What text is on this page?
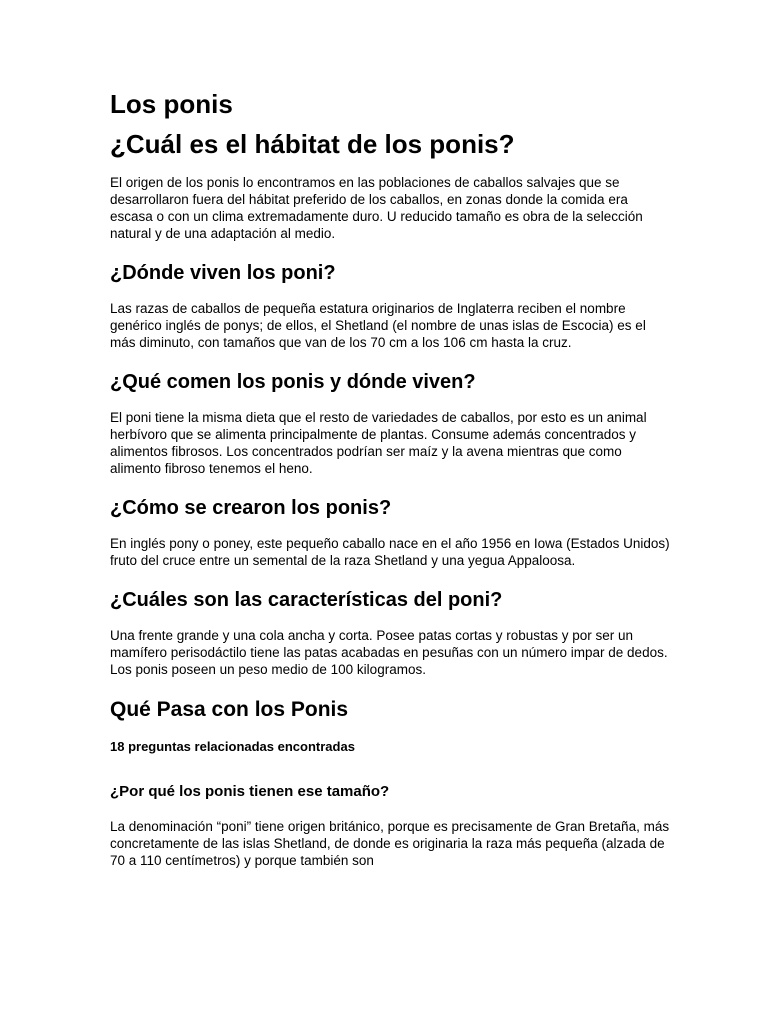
Los ponis
¿Cuál es el hábitat de los ponis?

El origen de los ponis lo encontramos en las poblaciones de caballos salvajes que se desarrollaron fuera del hábitat preferido de los caballos, en zonas donde la comida era escasa o con un clima extremadamente duro. U reducido tamaño es obra de la selección natural y de una adaptación al medio.

¿Dónde viven los poni?

Las razas de caballos de pequeña estatura originarios de Inglaterra reciben el nombre genérico inglés de ponys; de ellos, el Shetland (el nombre de unas islas de Escocia) es el más diminuto, con tamaños que van de los 70 cm a los 106 cm hasta la cruz.

¿Qué comen los ponis y dónde viven?

El poni tiene la misma dieta que el resto de variedades de caballos, por esto es un animal herbívoro que se alimenta principalmente de plantas. Consume además concentrados y alimentos fibrosos. Los concentrados podrían ser maíz y la avena mientras que como alimento fibroso tenemos el heno.

¿Cómo se crearon los ponis?

En inglés pony o poney, este pequeño caballo nace en el año 1956 en Iowa (Estados Unidos) fruto del cruce entre un semental de la raza Shetland y una yegua Appaloosa.

¿Cuáles son las características del poni?

Una frente grande y una cola ancha y corta. Posee patas cortas y robustas y por ser un mamífero perisodáctilo tiene las patas acabadas en pesuñas con un número impar de dedos. Los ponis poseen un peso medio de 100 kilogramos.

Qué Pasa con los Ponis
18 preguntas relacionadas encontradas
¿Por qué los ponis tienen ese tamaño?

La denominación “poni” tiene origen británico, porque es precisamente de Gran Bretaña, más concretamente de las islas Shetland, de donde es originaria la raza más pequeña (alzada de 70 a 110 centímetros) y porque también son
